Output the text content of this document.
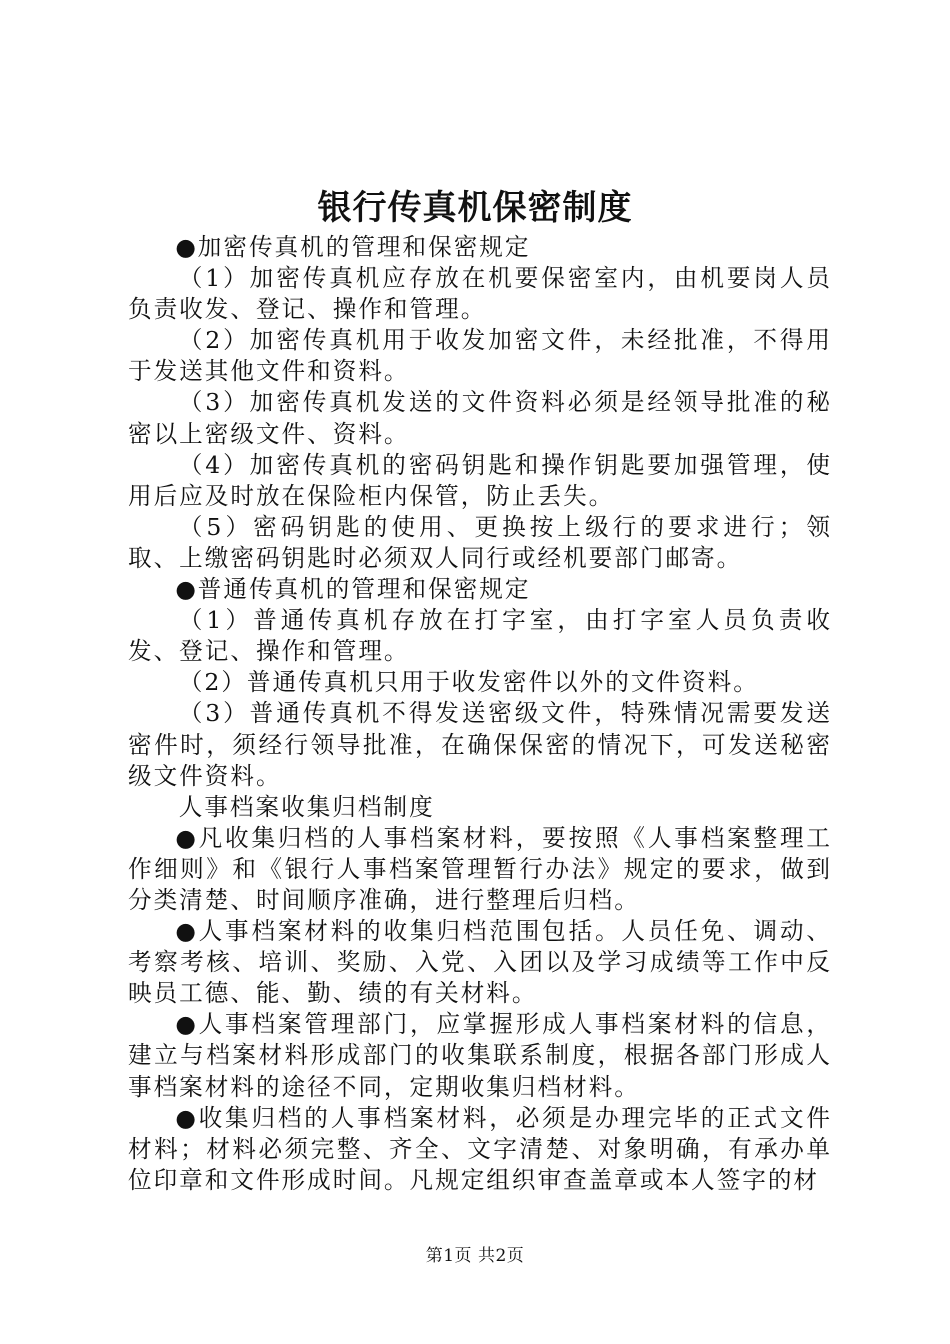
银行传真机保密制度

●加密传真机的管理和保密规定

（1）加密传真机应存放在机要保密室内，由机要岗人员负责收发、登记、操作和管理。

（2）加密传真机用于收发加密文件，未经批准，不得用于发送其他文件和资料。

（3）加密传真机发送的文件资料必须是经领导批准的秘密以上密级文件、资料。

（4）加密传真机的密码钥匙和操作钥匙要加强管理，使用后应及时放在保险柜内保管，防止丢失。

（5）密码钥匙的使用、更换按上级行的要求进行；领取、上缴密码钥匙时必须双人同行或经机要部门邮寄。

●普通传真机的管理和保密规定

（1）普通传真机存放在打字室，由打字室人员负责收发、登记、操作和管理。

（2）普通传真机只用于收发密件以外的文件资料。

（3）普通传真机不得发送密级文件，特殊情况需要发送密件时，须经行领导批准，在确保保密的情况下，可发送秘密级文件资料。

人事档案收集归档制度

●凡收集归档的人事档案材料，要按照《人事档案整理工作细则》和《银行人事档案管理暂行办法》规定的要求，做到分类清楚、时间顺序准确，进行整理后归档。

●人事档案材料的收集归档范围包括。人员任免、调动、考察考核、培训、奖励、入党、入团以及学习成绩等工作中反映员工德、能、勤、绩的有关材料。

●人事档案管理部门，应掌握形成人事档案材料的信息，建立与档案材料形成部门的收集联系制度，根据各部门形成人事档案材料的途径不同，定期收集归档材料。

●收集归档的人事档案材料，必须是办理完毕的正式文件材料；材料必须完整、齐全、文字清楚、对象明确，有承办单位印章和文件形成时间。凡规定组织审查盖章或本人签字的材

第1页 共2页
